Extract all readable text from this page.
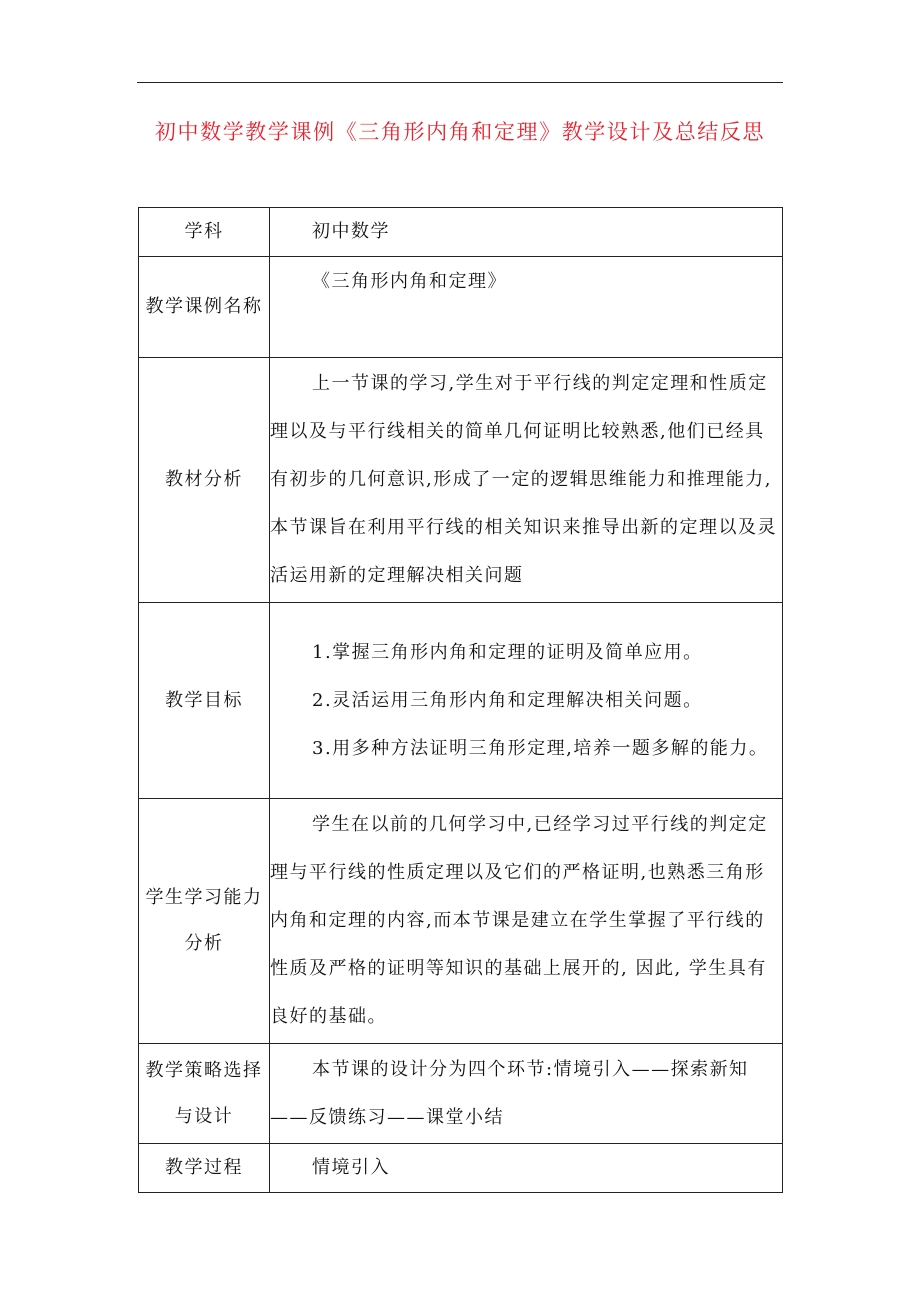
初中数学教学课例《三角形内角和定理》教学设计及总结反思
学科	初中数学

教学课例名称	《三角形内角和定理》

教材分析	上一节课的学习,学生对于平行线的判定定理和性质定理以及与平行线相关的简单几何证明比较熟悉,他们已经具有初步的几何意识,形成了一定的逻辑思维能力和推理能力,本节课旨在利用平行线的相关知识来推导出新的定理以及灵活运用新的定理解决相关问题

教学目标	1.掌握三角形内角和定理的证明及简单应用。

2.灵活运用三角形内角和定理解决相关问题。

3.用多种方法证明三角形定理,培养一题多解的能力。

学生学习能力分析	学生在以前的几何学习中,已经学习过平行线的判定定理与平行线的性质定理以及它们的严格证明,也熟悉三角形内角和定理的内容,而本节课是建立在学生掌握了平行线的性质及严格的证明等知识的基础上展开的, 因此, 学生具有良好的基础。

教学策略选择与设计	本节课的设计分为四个环节:情境引入——探索新知——反馈练习——课堂小结

教学过程	情境引入
